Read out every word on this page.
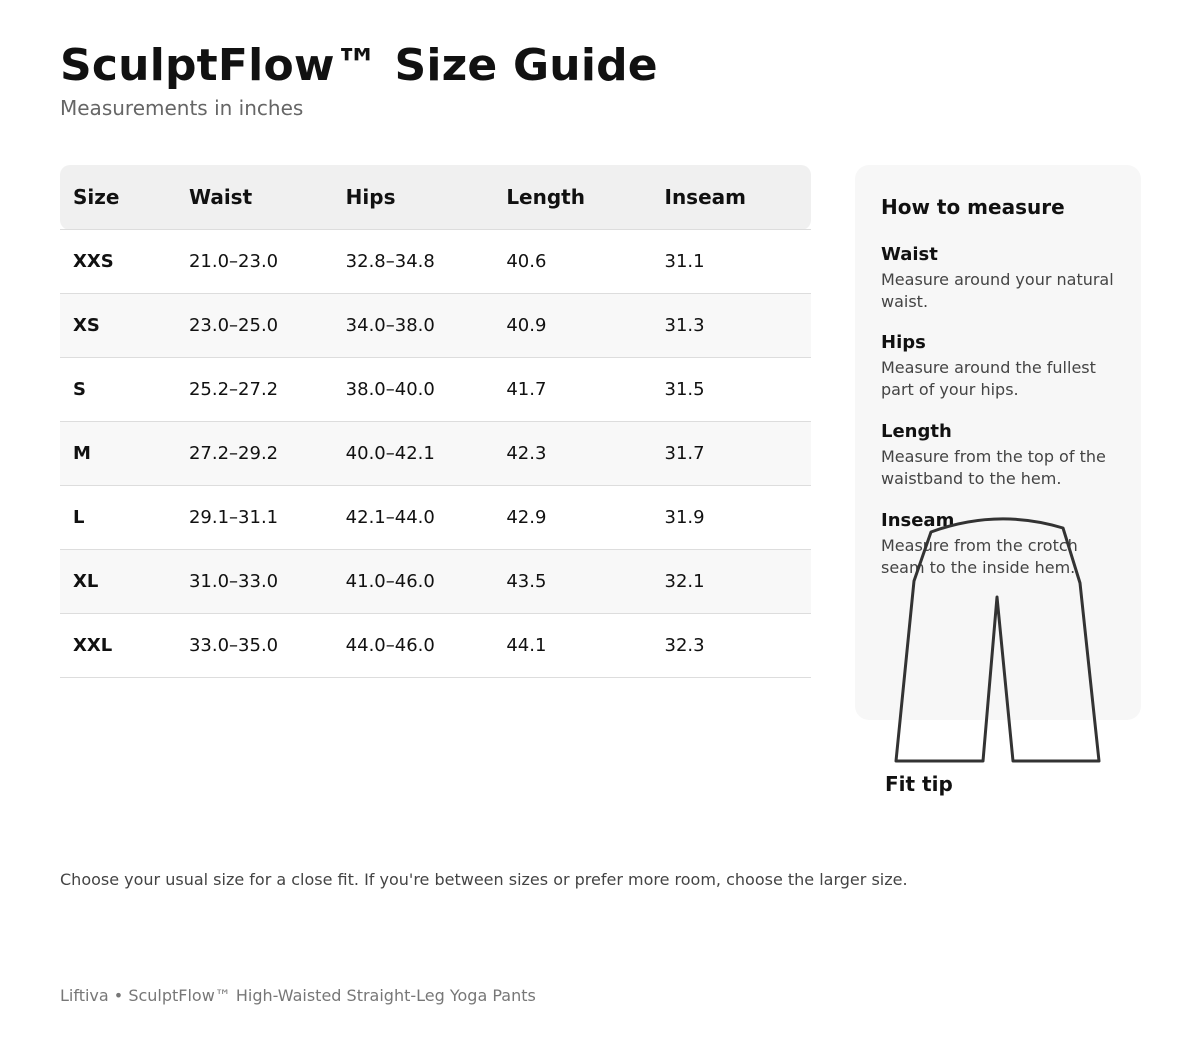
SculptFlow™ Size Guide
Measurements in inches
Size	Waist	Hips	Length	Inseam
XXS	21.0–23.0	32.8–34.8	40.6	31.1
XS	23.0–25.0	34.0–38.0	40.9	31.3
S	25.2–27.2	38.0–40.0	41.7	31.5
M	27.2–29.2	40.0–42.1	42.3	31.7
L	29.1–31.1	42.1–44.0	42.9	31.9
XL	31.0–33.0	41.0–46.0	43.5	32.1
XXL	33.0–35.0	44.0–46.0	44.1	32.3
How to measure
Waist
Measure around your natural waist.
Hips
Measure around the fullest part of your hips.
Length
Measure from the top of the waistband to the hem.
Inseam
Measure from the crotch seam to the inside hem.
Fit tip
Choose your usual size for a close fit. If you're between sizes or prefer more room, choose the larger size.
Liftiva • SculptFlow™ High-Waisted Straight-Leg Yoga Pants
